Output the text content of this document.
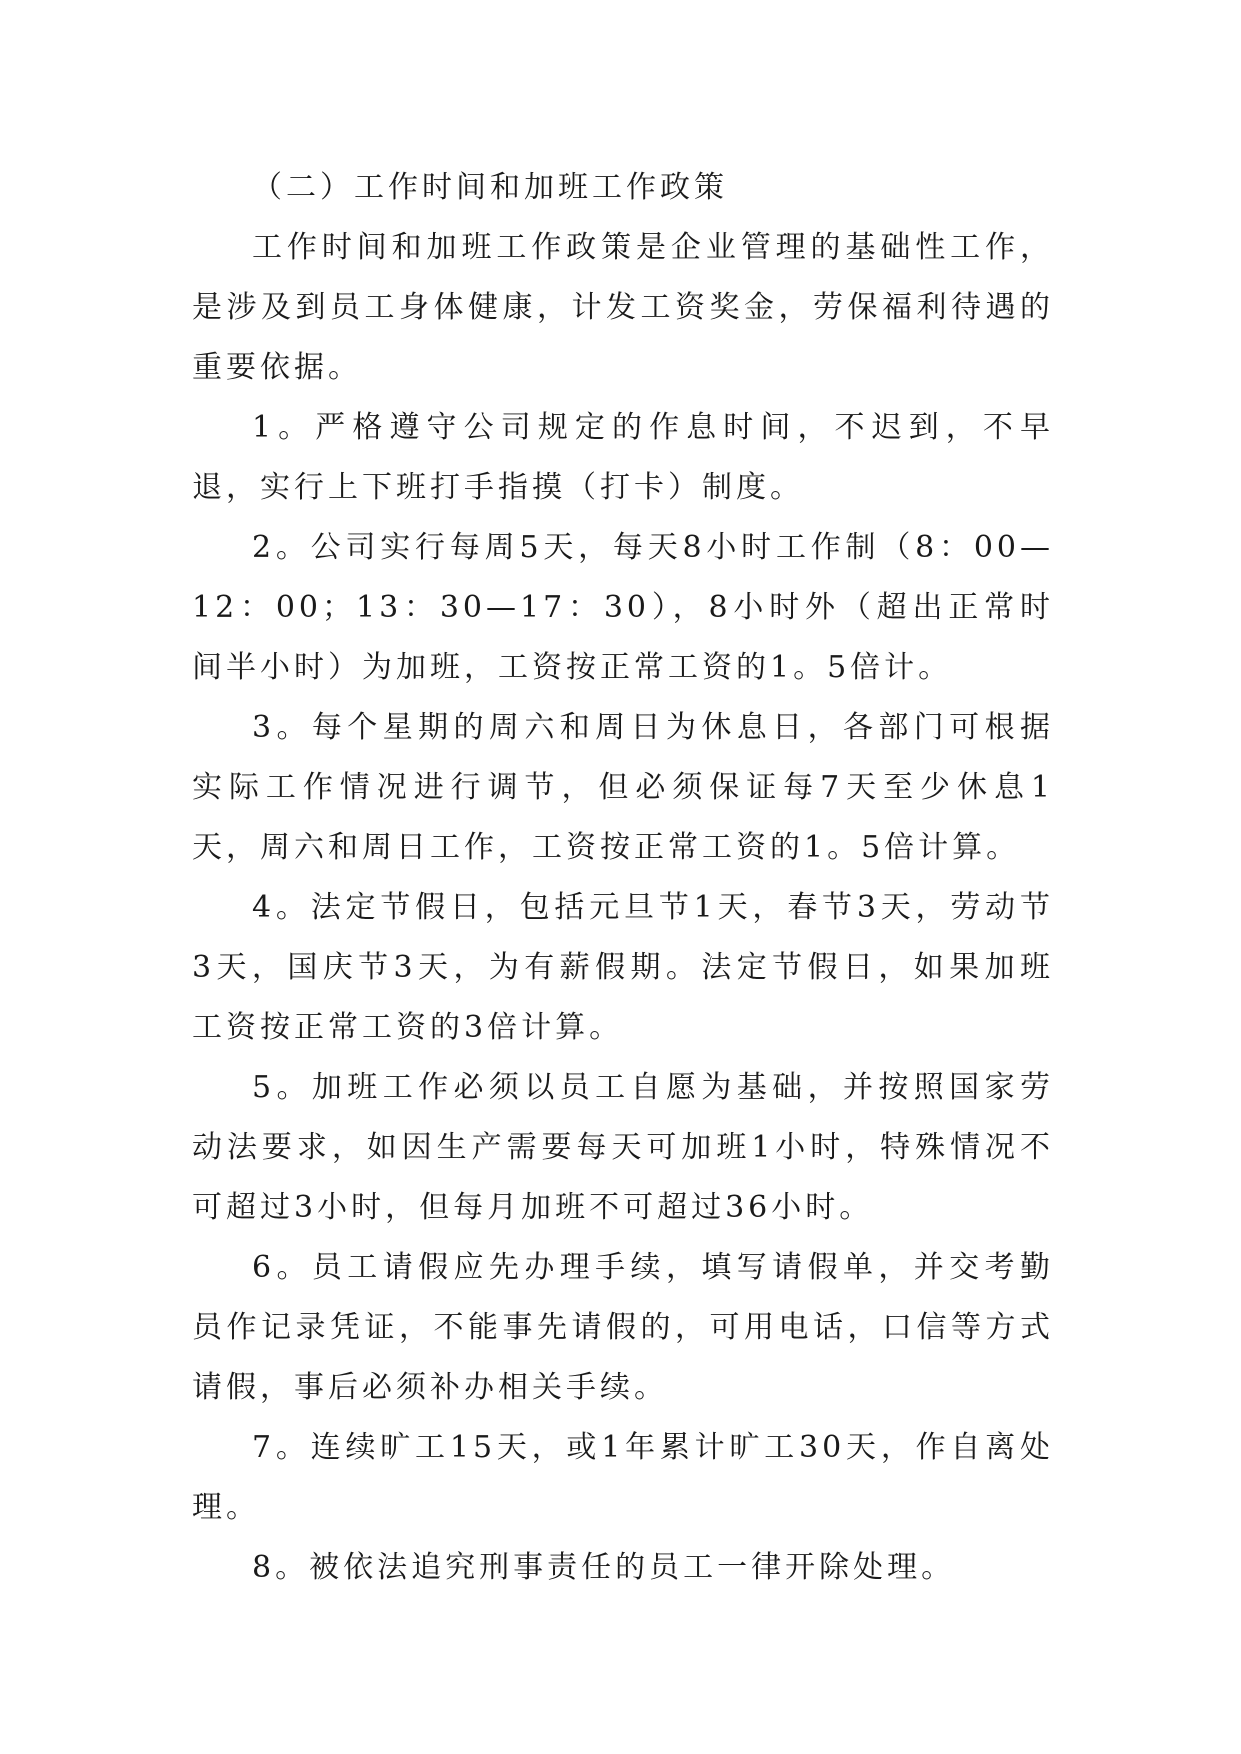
（二）工作时间和加班工作政策

工作时间和加班工作政策是企业管理的基础性工作，是涉及到员工身体健康，计发工资奖金，劳保福利待遇的重要依据。

1。严格遵守公司规定的作息时间，不迟到，不早退，实行上下班打手指摸（打卡）制度。

2。公司实行每周5天，每天8小时工作制（8：00—12：00；13：30—17：30），8小时外（超出正常时间半小时）为加班，工资按正常工资的1。5倍计。

3。每个星期的周六和周日为休息日，各部门可根据实际工作情况进行调节，但必须保证每7天至少休息1天，周六和周日工作，工资按正常工资的1。5倍计算。

4。法定节假日，包括元旦节1天，春节3天，劳动节3天，国庆节3天，为有薪假期。法定节假日，如果加班工资按正常工资的3倍计算。

5。加班工作必须以员工自愿为基础，并按照国家劳动法要求，如因生产需要每天可加班1小时，特殊情况不可超过3小时，但每月加班不可超过36小时。

6。员工请假应先办理手续，填写请假单，并交考勤员作记录凭证，不能事先请假的，可用电话，口信等方式请假，事后必须补办相关手续。

7。连续旷工15天，或1年累计旷工30天，作自离处理。

8。被依法追究刑事责任的员工一律开除处理。
